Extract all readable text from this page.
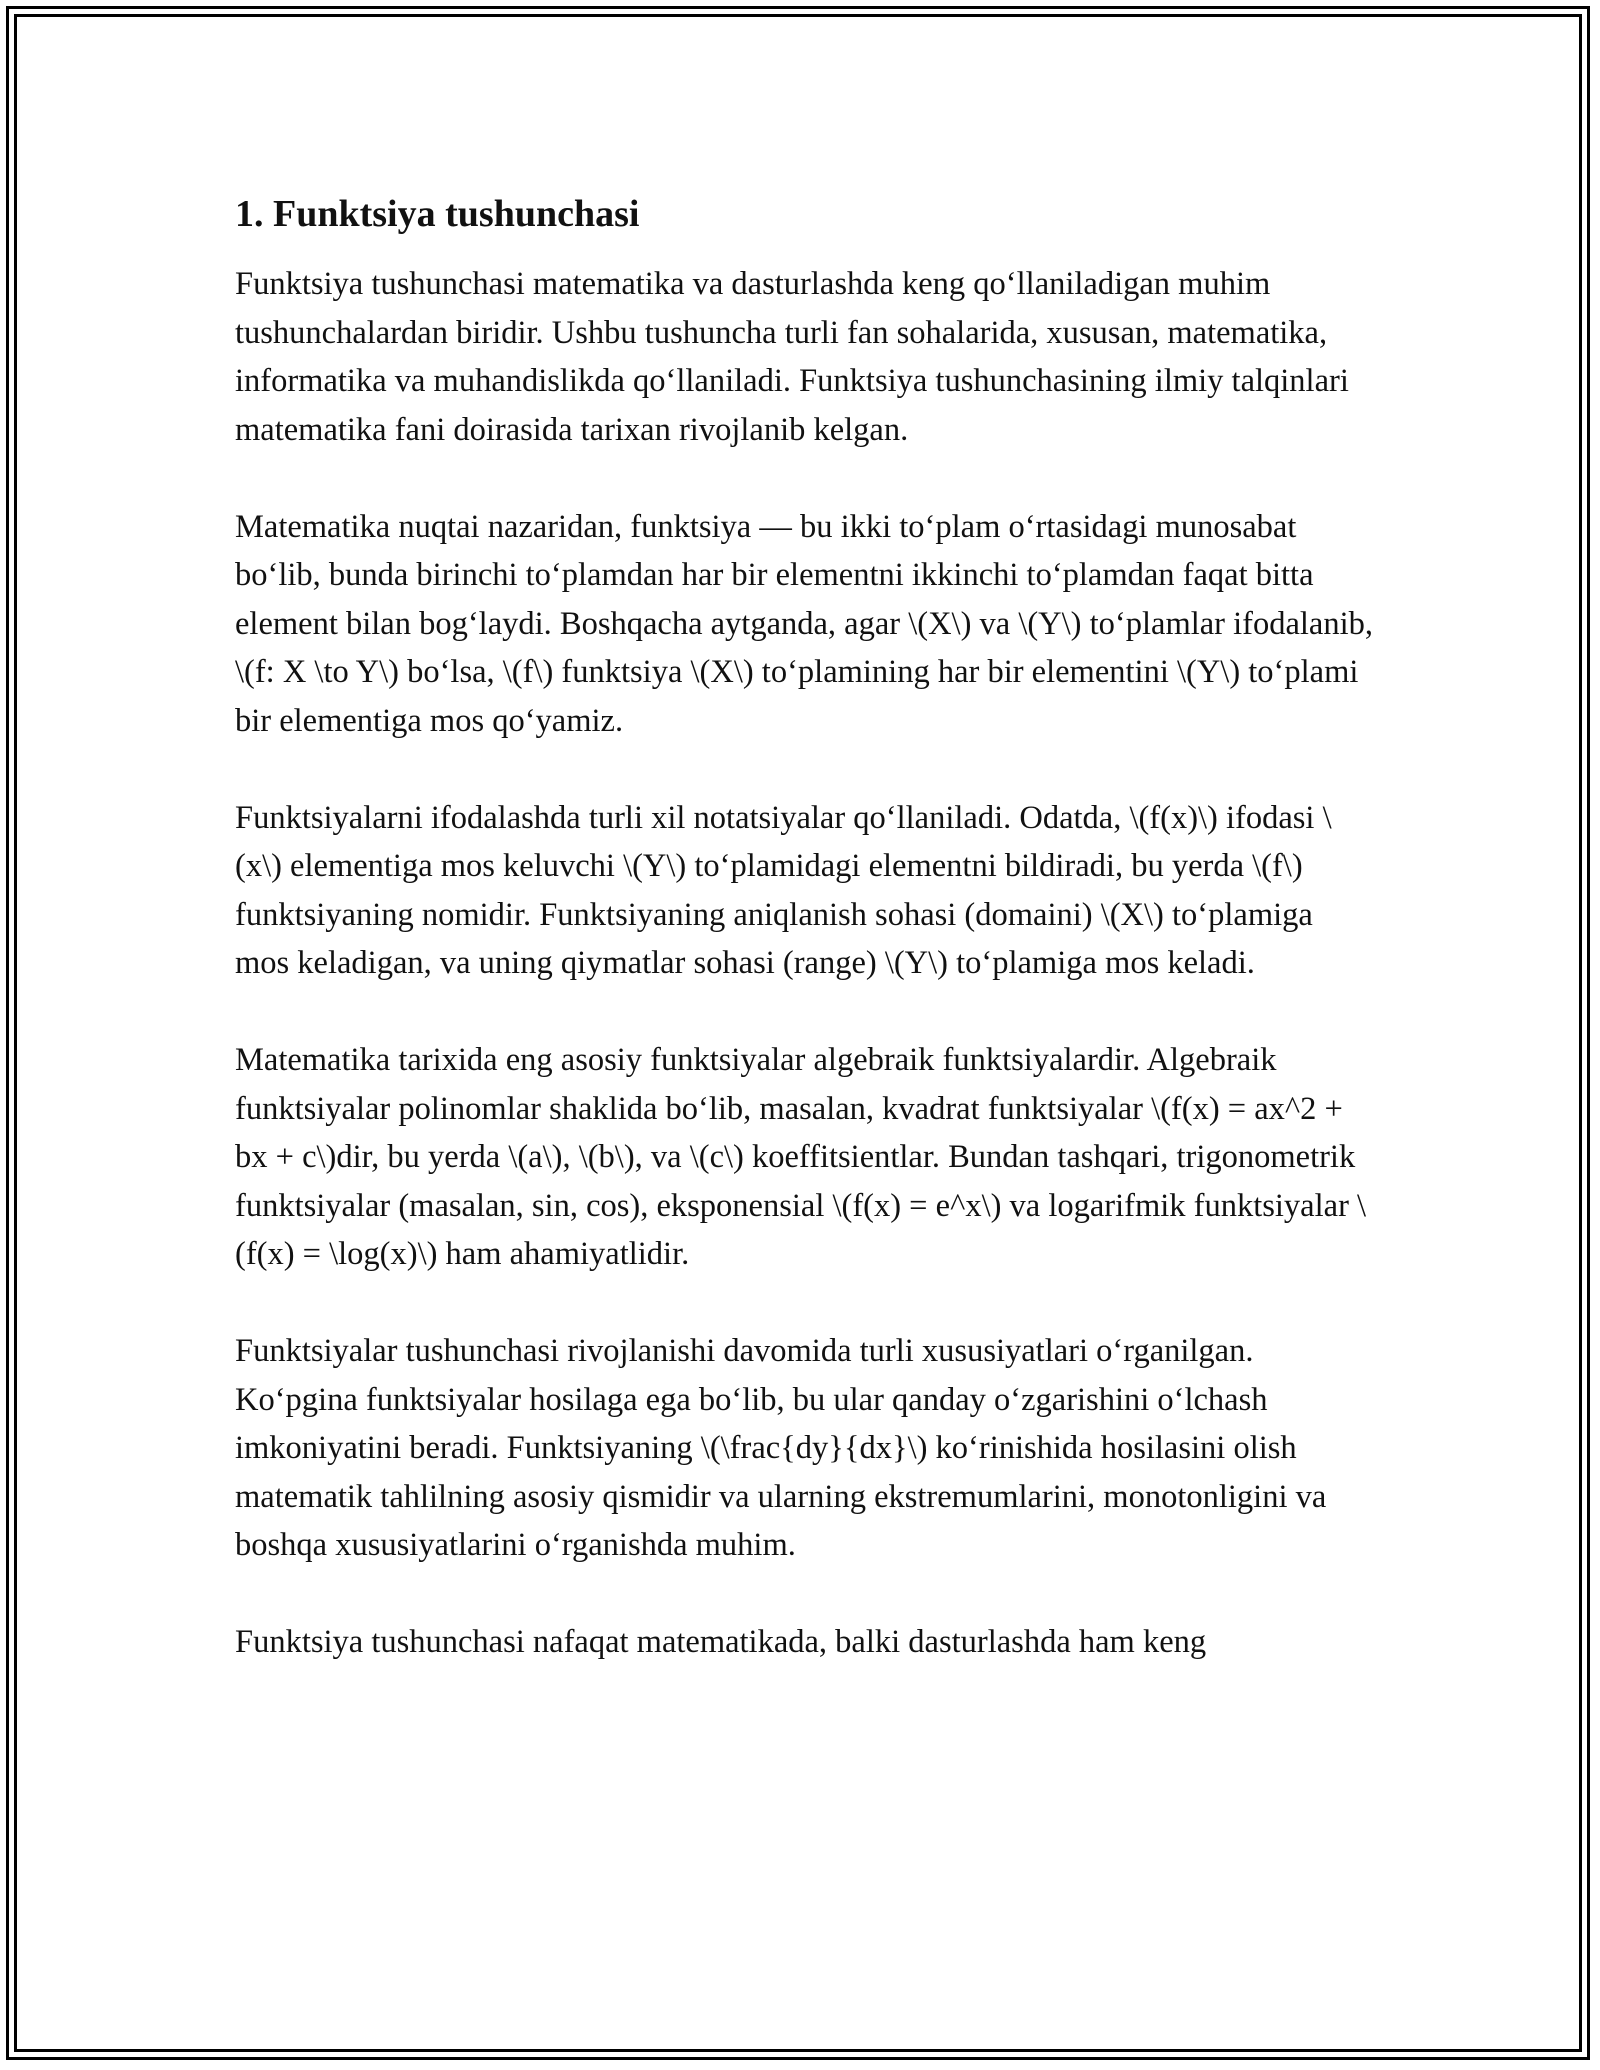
1. Funktsiya tushunchasi

Funktsiya tushunchasi matematika va dasturlashda keng qo‘llaniladigan muhim tushunchalardan biridir. Ushbu tushuncha turli fan sohalarida, xususan, matematika, informatika va muhandislikda qo‘llaniladi. Funktsiya tushunchasining ilmiy talqinlari matematika fani doirasida tarixan rivojlanib kelgan.

Matematika nuqtai nazaridan, funktsiya — bu ikki to‘plam o‘rtasidagi munosabat bo‘lib, bunda birinchi to‘plamdan har bir elementni ikkinchi to‘plamdan faqat bitta element bilan bog‘laydi. Boshqacha aytganda, agar \(X\) va \(Y\) to‘plamlar ifodalanib, \(f: X \to Y\) bo‘lsa, \(f\) funktsiya \(X\) to‘plamining har bir elementini \(Y\) to‘plami bir elementiga mos qo‘yamiz.

Funktsiyalarni ifodalashda turli xil notatsiyalar qo‘llaniladi. Odatda, \(f(x)\) ifodasi \(x\) elementiga mos keluvchi \(Y\) to‘plamidagi elementni bildiradi, bu yerda \(f\) funktsiyaning nomidir. Funktsiyaning aniqlanish sohasi (domaini) \(X\) to‘plamiga mos keladigan, va uning qiymatlar sohasi (range) \(Y\) to‘plamiga mos keladi.

Matematika tarixida eng asosiy funktsiyalar algebraik funktsiyalardir. Algebraik funktsiyalar polinomlar shaklida bo‘lib, masalan, kvadrat funktsiyalar \(f(x) = ax^2 + bx + c\)dir, bu yerda \(a\), \(b\), va \(c\) koeffitsientlar. Bundan tashqari, trigonometrik funktsiyalar (masalan, sin, cos), eksponensial \(f(x) = e^x\) va logarifmik funktsiyalar \(f(x) = \log(x)\) ham ahamiyatlidir.

Funktsiyalar tushunchasi rivojlanishi davomida turli xususiyatlari o‘rganilgan. Ko‘pgina funktsiyalar hosilaga ega bo‘lib, bu ular qanday o‘zgarishini o‘lchash imkoniyatini beradi. Funktsiyaning \(\frac{dy}{dx}\) ko‘rinishida hosilasini olish matematik tahlilning asosiy qismidir va ularning ekstremumlarini, monotonligini va boshqa xususiyatlarini o‘rganishda muhim.

Funktsiya tushunchasi nafaqat matematikada, balki dasturlashda ham keng
